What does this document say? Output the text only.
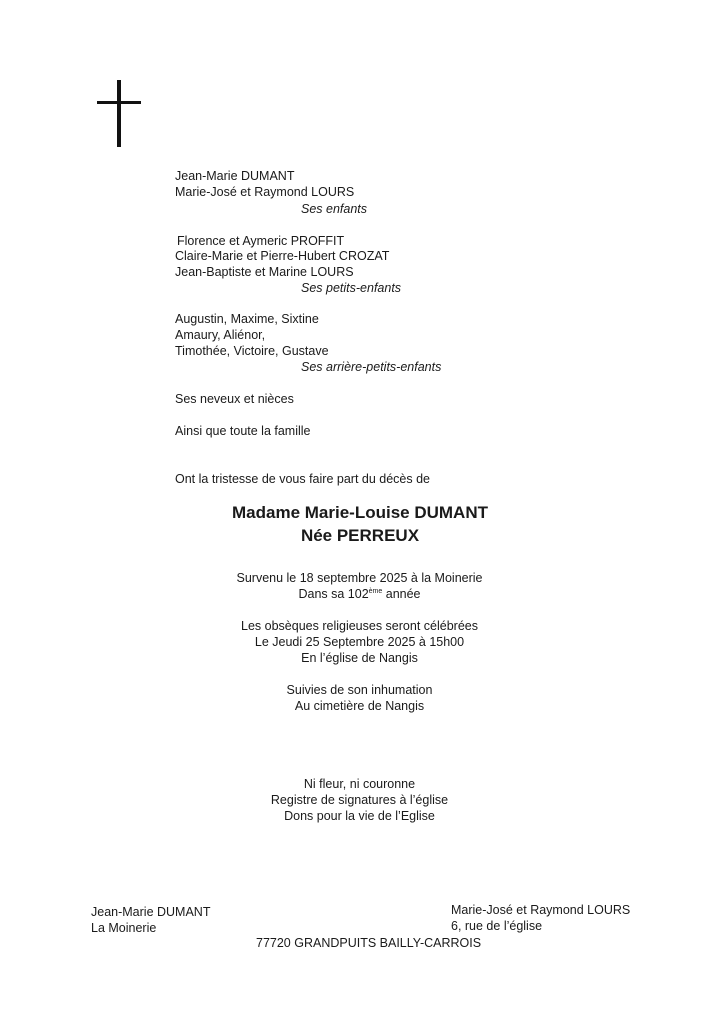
Jean-Marie DUMANT
Marie-José et Raymond LOURS
Ses enfants
Florence et Aymeric PROFFIT
Claire-Marie et Pierre-Hubert CROZAT
Jean-Baptiste et Marine LOURS
Ses petits-enfants
Augustin, Maxime, Sixtine
Amaury, Aliénor,
Timothée, Victoire, Gustave
Ses arrière-petits-enfants
Ses neveux et nièces
Ainsi que toute la famille
Ont la tristesse de vous faire part du décès de
Madame Marie-Louise DUMANT
Née PERREUX
Survenu le 18 septembre 2025 à la Moinerie
Dans sa 102ème année
Les obsèques religieuses seront célébrées
Le Jeudi 25 Septembre 2025 à 15h00
En l’église de Nangis
Suivies de son inhumation
Au cimetière de Nangis
Ni fleur, ni couronne
Registre de signatures à l’église
Dons pour la vie de l’Eglise
Jean-Marie DUMANT
La Moinerie
Marie-José et Raymond LOURS
6, rue de l’église
77720 GRANDPUITS BAILLY-CARROIS
